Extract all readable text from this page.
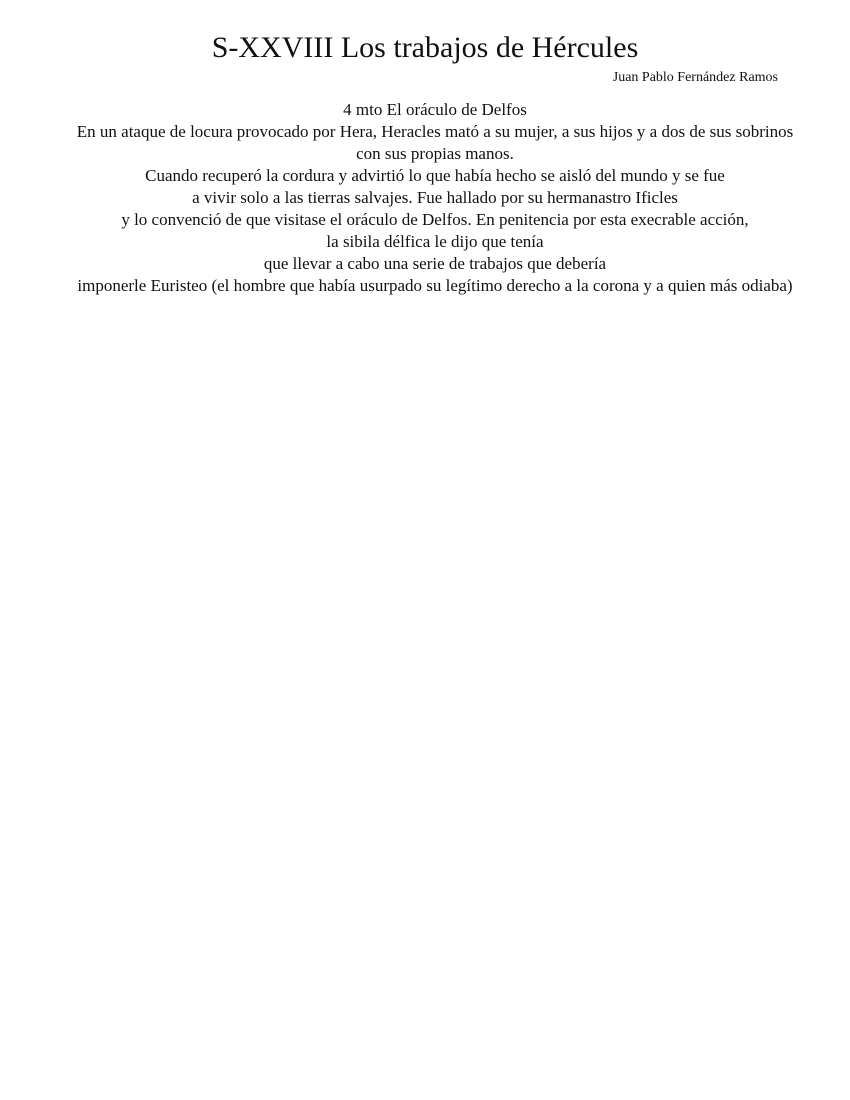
S-XXVIII Los trabajos de Hércules
Juan Pablo Fernández Ramos
4 mto El oráculo de Delfos
En un ataque de locura provocado por Hera, Heracles mató a su mujer, a sus hijos y a dos de sus sobrinos
con sus propias manos.
Cuando recuperó la cordura y advirtió lo que había hecho se aisló del mundo y se fue
a vivir solo a las tierras salvajes. Fue hallado por su hermanastro Ificles
y lo convenció de que visitase el oráculo de Delfos. En penitencia por esta execrable acción,
la sibila délfica le dijo que tenía
que llevar a cabo una serie de trabajos que debería
imponerle Euristeo (el hombre que había usurpado su legítimo derecho a la corona y a quien más odiaba)
